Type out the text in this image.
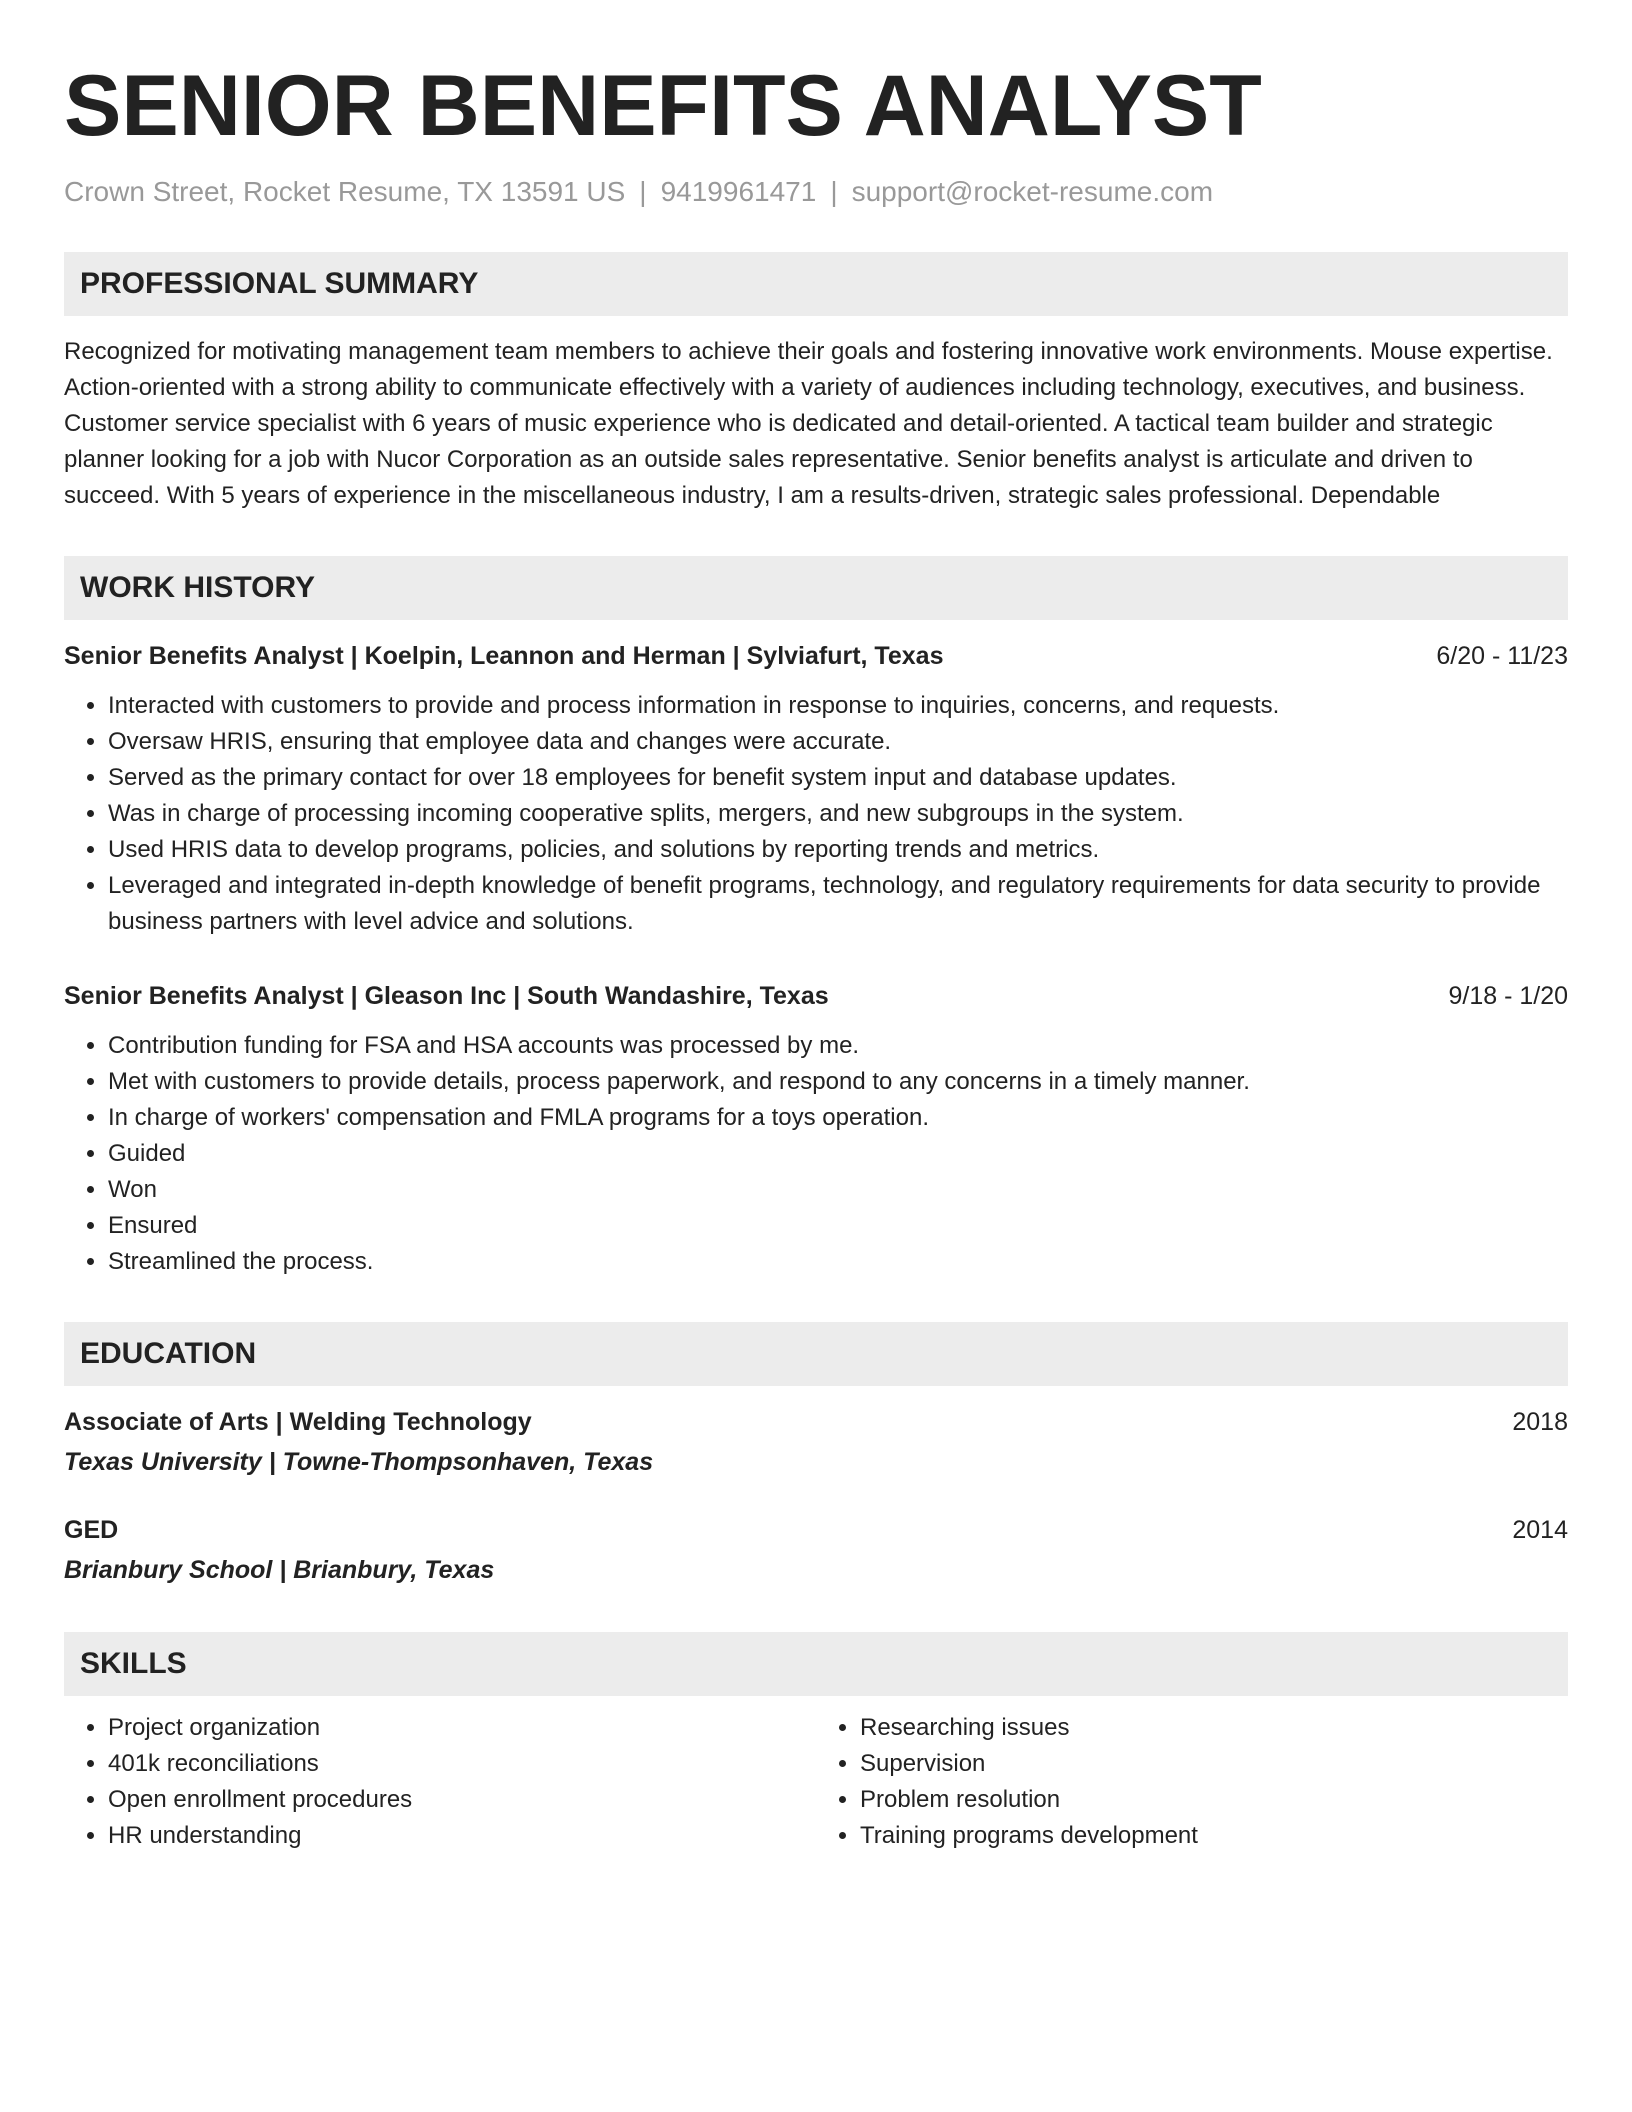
SENIOR BENEFITS ANALYST
Crown Street, Rocket Resume, TX 13591 US | 9419961471 | support@rocket-resume.com
PROFESSIONAL SUMMARY
Recognized for motivating management team members to achieve their goals and fostering innovative work environments. Mouse expertise. Action-oriented with a strong ability to communicate effectively with a variety of audiences including technology, executives, and business. Customer service specialist with 6 years of music experience who is dedicated and detail-oriented. A tactical team builder and strategic planner looking for a job with Nucor Corporation as an outside sales representative. Senior benefits analyst is articulate and driven to succeed. With 5 years of experience in the miscellaneous industry, I am a results-driven, strategic sales professional. Dependable
WORK HISTORY
Senior Benefits Analyst | Koelpin, Leannon and Herman | Sylviafurt, Texas	6/20 - 11/23
• Interacted with customers to provide and process information in response to inquiries, concerns, and requests.
• Oversaw HRIS, ensuring that employee data and changes were accurate.
• Served as the primary contact for over 18 employees for benefit system input and database updates.
• Was in charge of processing incoming cooperative splits, mergers, and new subgroups in the system.
• Used HRIS data to develop programs, policies, and solutions by reporting trends and metrics.
• Leveraged and integrated in-depth knowledge of benefit programs, technology, and regulatory requirements for data security to provide business partners with level advice and solutions.
Senior Benefits Analyst | Gleason Inc | South Wandashire, Texas	9/18 - 1/20
• Contribution funding for FSA and HSA accounts was processed by me.
• Met with customers to provide details, process paperwork, and respond to any concerns in a timely manner.
• In charge of workers' compensation and FMLA programs for a toys operation.
• Guided
• Won
• Ensured
• Streamlined the process.
EDUCATION
Associate of Arts | Welding Technology	2018
Texas University | Towne-Thompsonhaven, Texas
GED	2014
Brianbury School | Brianbury, Texas
SKILLS
• Project organization
• 401k reconciliations
• Open enrollment procedures
• HR understanding
• Researching issues
• Supervision
• Problem resolution
• Training programs development
